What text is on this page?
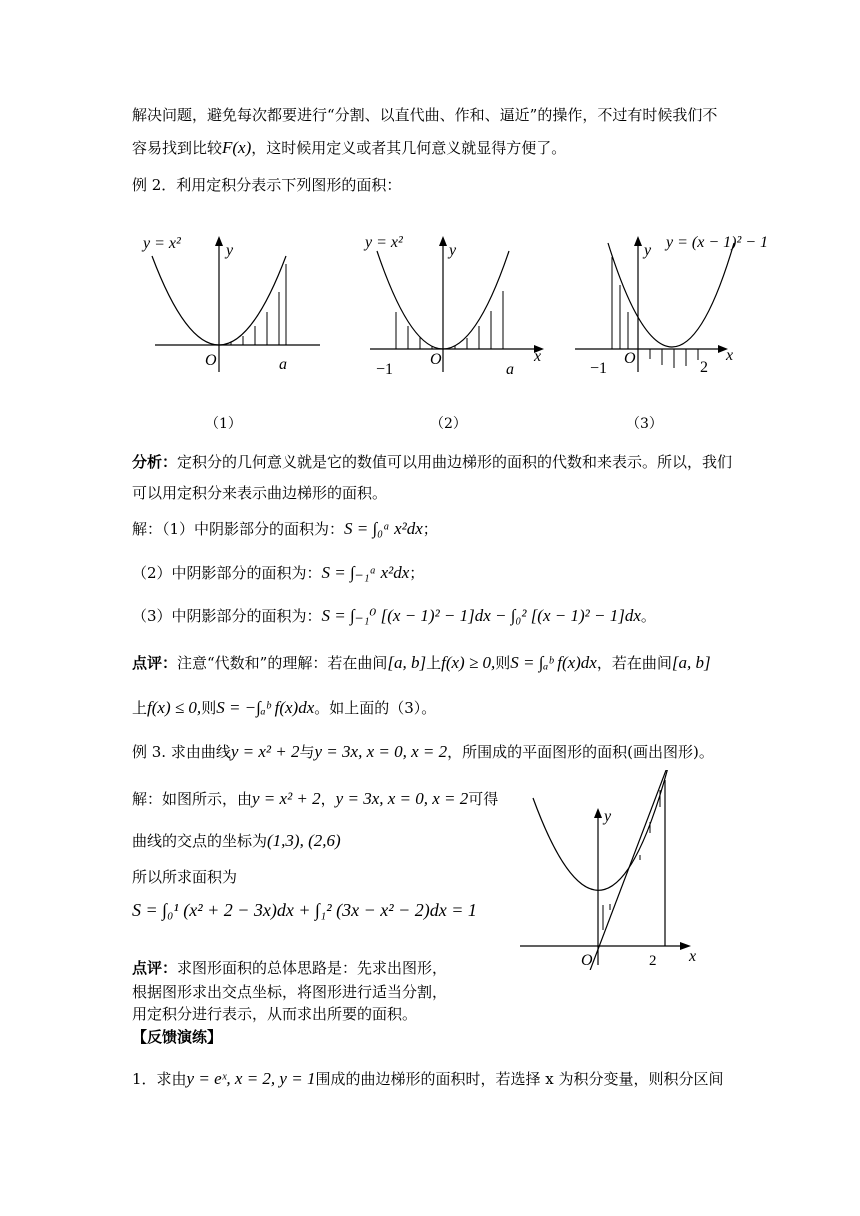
解决问题，避免每次都要进行“分割、以直代曲、作和、逼近”的操作，不过有时候我们不
容易找到比较F(x)，这时候用定义或者其几何意义就显得方便了。
例 2．利用定积分表示下列图形的面积：
y = x²	y
O	a
（1）
y = x²	y
x
O
−1	a
（2）
y = (x − 1)² − 1
y
x
O
−1	2
（3）
分析：定积分的几何意义就是它的数值可以用曲边梯形的面积的代数和来表示。所以，我们
可以用定积分来表示曲边梯形的面积。
解：（1）中阴影部分的面积为：S = ∫₀ᵃ x²dx；
（2）中阴影部分的面积为：S = ∫₋₁ᵃ x²dx；
（3）中阴影部分的面积为：S = ∫₋₁⁰ [(x − 1)² − 1]dx − ∫₀² [(x − 1)² − 1]dx。
点评：注意“代数和”的理解：若在曲间[a, b]上f(x) ≥ 0,则S = ∫ₐᵇ f(x)dx，若在曲间[a, b]
上f(x) ≤ 0,则S = −∫ₐᵇ f(x)dx。如上面的（3）。
例 3. 求由曲线y = x² + 2与y = 3x, x = 0, x = 2，所围成的平面图形的面积(画出图形)。
解：如图所示，由y = x² + 2，y = 3x, x = 0, x = 2可得
曲线的交点的坐标为(1,3), (2,6)
所以所求面积为
S = ∫₀¹ (x² + 2 − 3x)dx + ∫₁² (3x − x² − 2)dx = 1
y
x
O	2
点评：求图形面积的总体思路是：先求出图形，
根据图形求出交点坐标，将图形进行适当分割，
用定积分进行表示，从而求出所要的面积。
【反馈演练】
1．求由y = eˣ, x = 2, y = 1围成的曲边梯形的面积时，若选择 x 为积分变量，则积分区间
